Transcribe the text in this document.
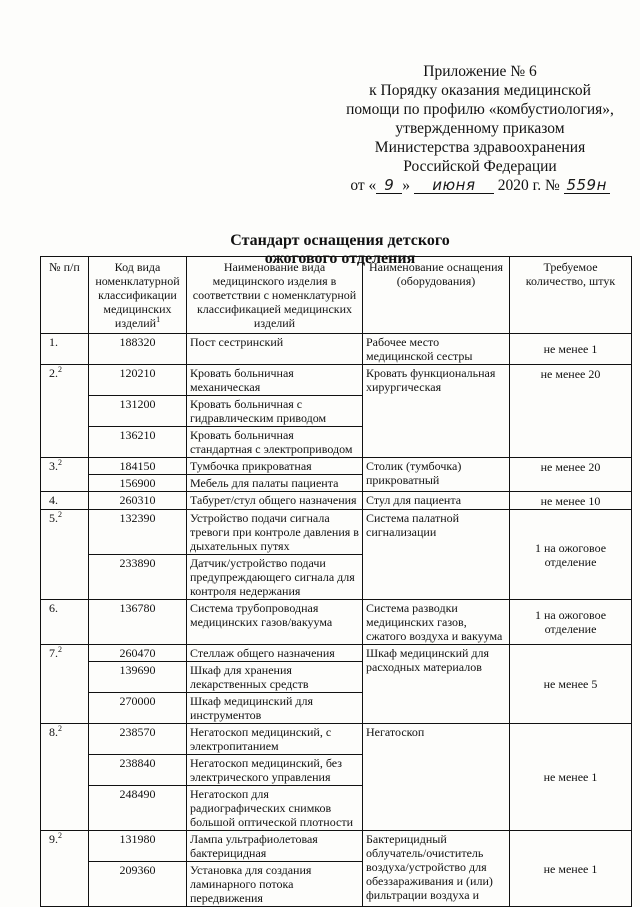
Приложение № 6
к Порядку оказания медицинской
помощи по профилю «комбустиология»,
утвержденному приказом
Министерства здравоохранения
Российской Федерации
от « 9 » июня 2020 г. № 559н
Стандарт оснащения детского
ожогового отделения
№ п/п	Код вида номенклатурной классификации медицинских изделий$^1$	Наименование вида медицинского изделия в соответствии с номенклатурной классификацией медицинских изделий	Наименование оснащения (оборудования)	Требуемое количество, штук
1.	188320	Пост сестринский	Рабочее место медицинской сестры	не менее 1
2.$^2$	120210	Кровать больничная механическая	Кровать функциональная хирургическая	не менее 20
	131200	Кровать больничная с гидравлическим приводом		
	136210	Кровать больничная стандартная с электроприводом		
3.$^2$	184150	Тумбочка прикроватная	Столик (тумбочка) прикроватный	не менее 20
	156900	Мебель для палаты пациента		
4.	260310	Табурет/стул общего назначения	Стул для пациента	не менее 10
5.$^2$	132390	Устройство подачи сигнала тревоги при контроле давления в дыхательных путях	Система палатной сигнализации	1 на ожоговое отделение
	233890	Датчик/устройство подачи предупреждающего сигнала для контроля недержания		
6.	136780	Система трубопроводная медицинских газов/вакуума	Система разводки медицинских газов, сжатого воздуха и вакуума	1 на ожоговое отделение
7.$^2$	260470	Стеллаж общего назначения	Шкаф медицинский для расходных материалов	не менее 5
	139690	Шкаф для хранения лекарственных средств		
	270000	Шкаф медицинский для инструментов		
8.$^2$	238570	Негатоскоп медицинский, с электропитанием	Негатоскоп	не менее 1
	238840	Негатоскоп медицинский, без электрического управления		
	248490	Негатоскоп для радиографических снимков большой оптической плотности		
9.$^2$	131980	Лампа ультрафиолетовая бактерицидная	Бактерицидный облучатель/очиститель воздуха/устройство для обеззараживания и (или) фильтрации воздуха и	не менее 1
	209360	Установка для создания ламинарного потока передвижения		
